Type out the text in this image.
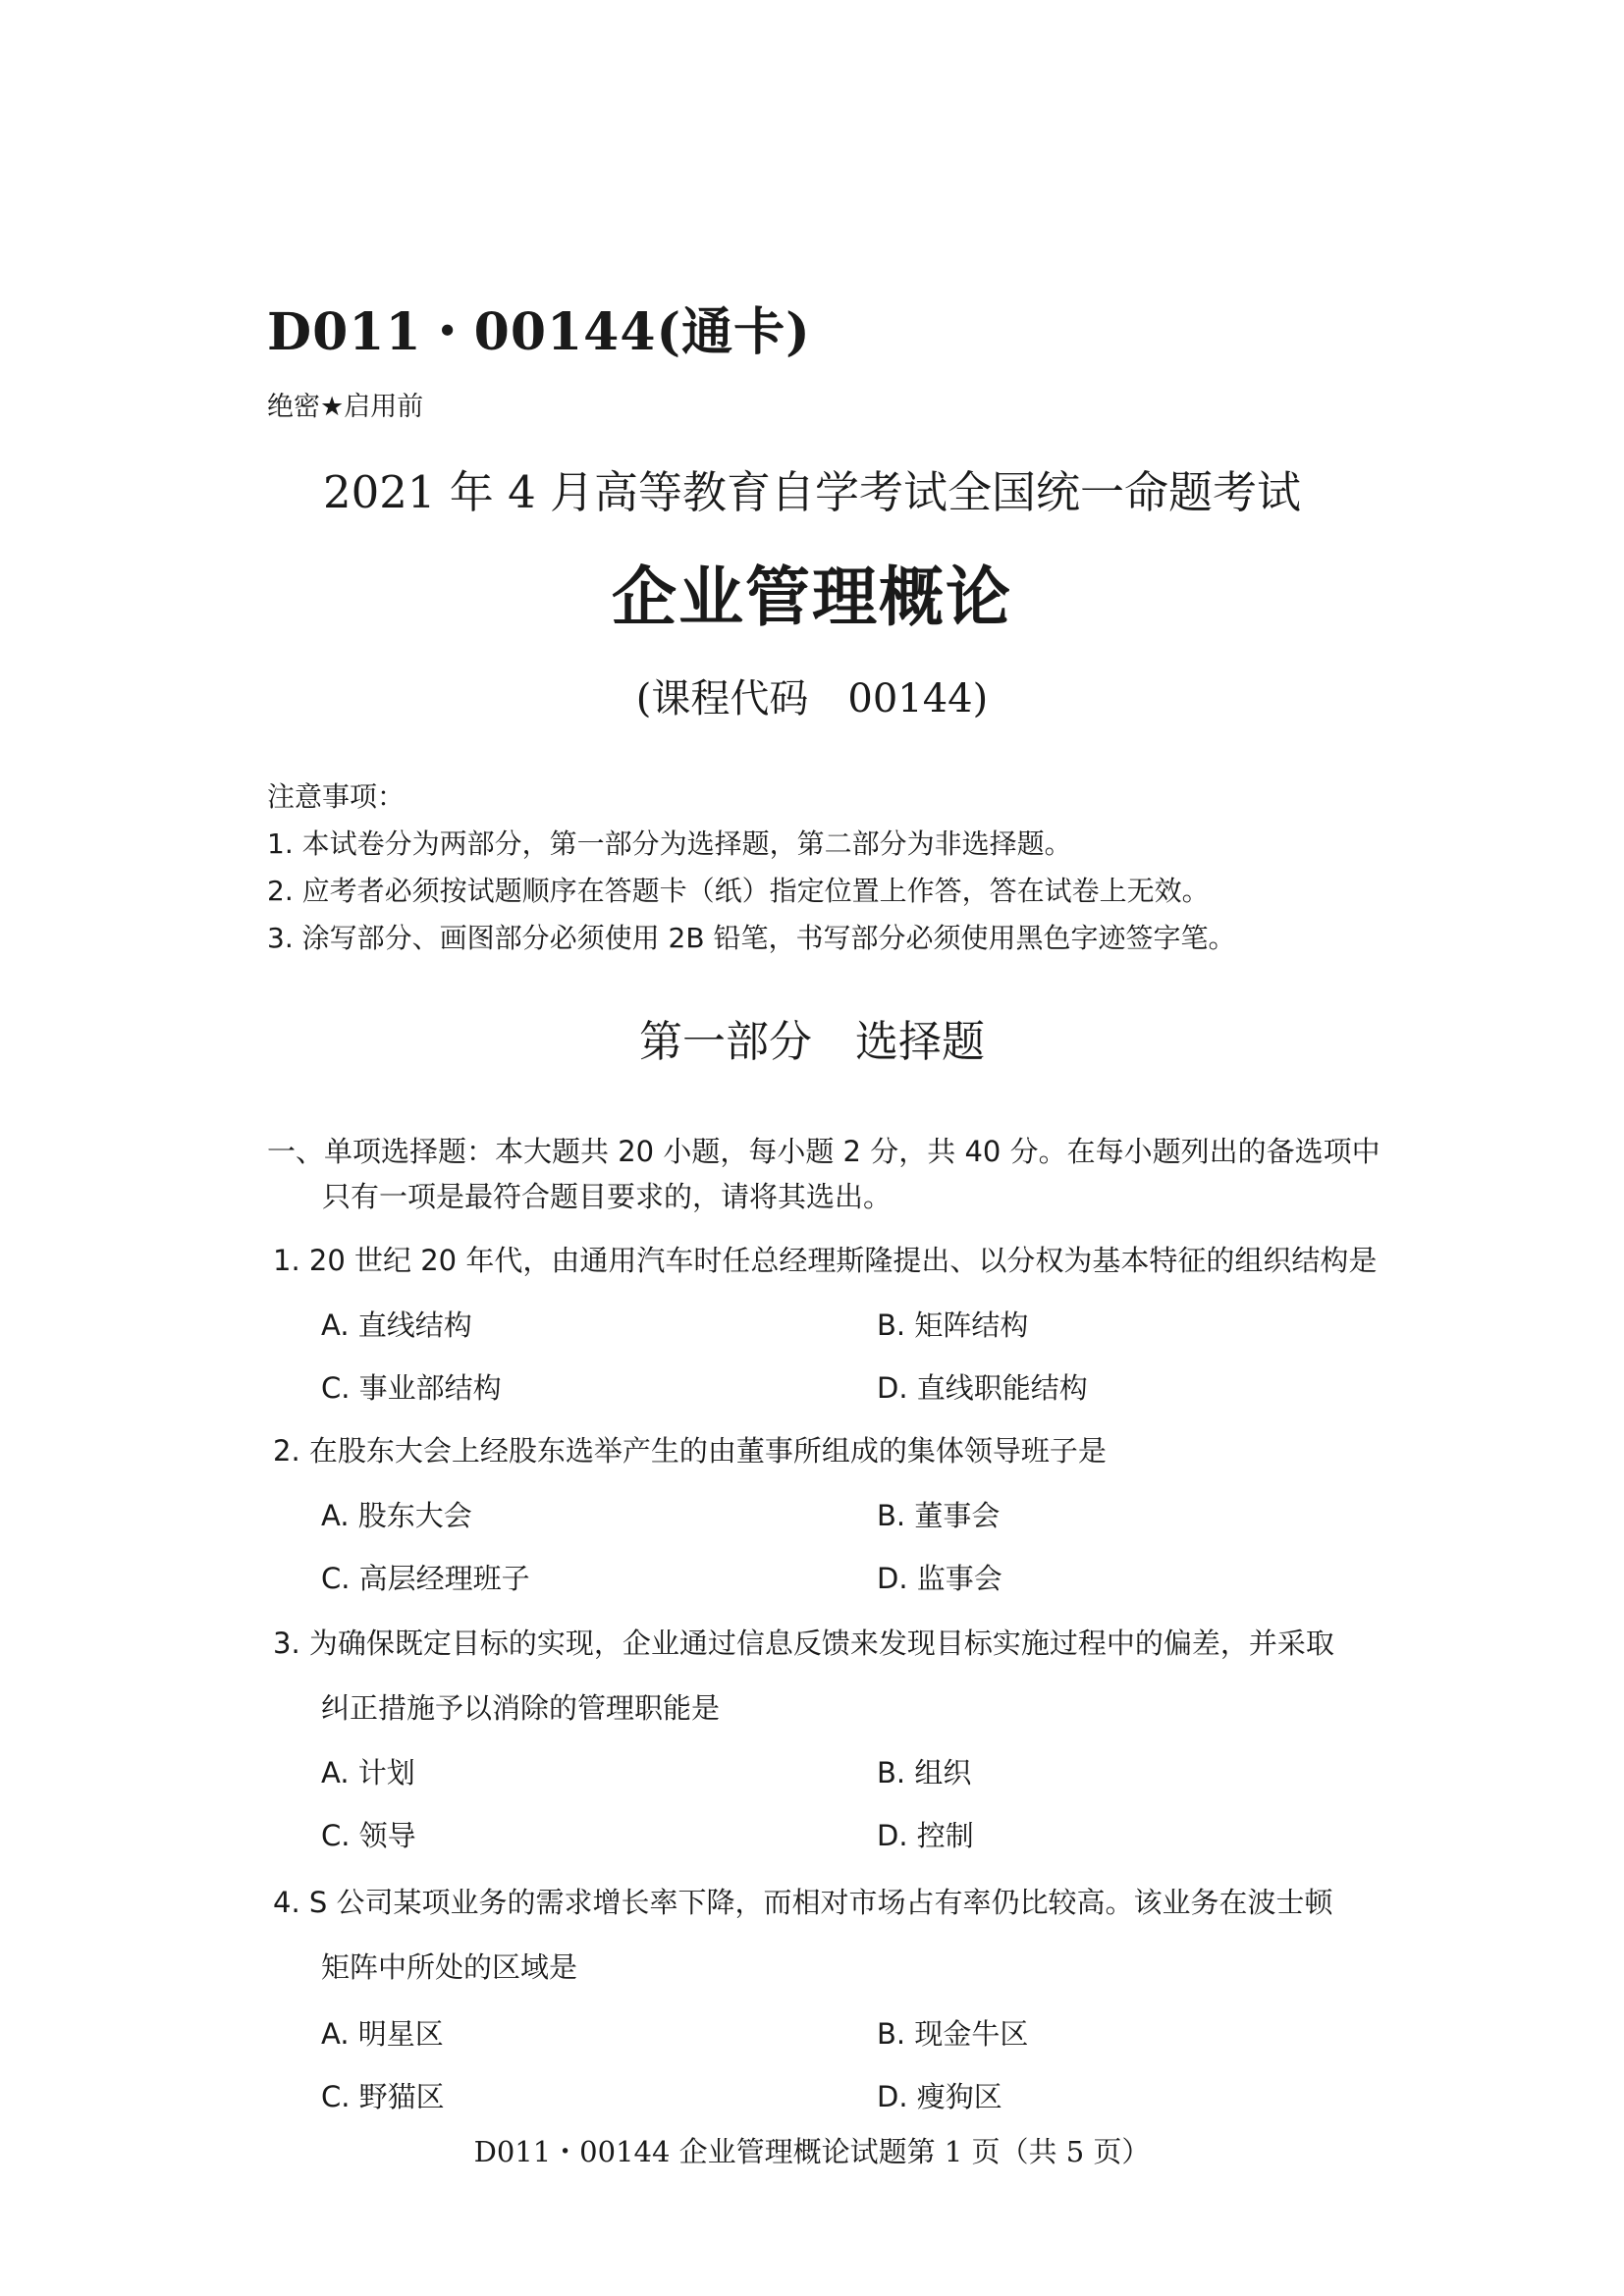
D011・00144(通卡)
绝密★启用前
2021 年 4 月高等教育自学考试全国统一命题考试
企业管理概论
(课程代码　00144)
注意事项：
1. 本试卷分为两部分，第一部分为选择题，第二部分为非选择题。
2. 应考者必须按试题顺序在答题卡（纸）指定位置上作答，答在试卷上无效。
3. 涂写部分、画图部分必须使用 2B 铅笔，书写部分必须使用黑色字迹签字笔。
第一部分　选择题
一、单项选择题：本大题共 20 小题，每小题 2 分，共 40 分。在每小题列出的备选项中
只有一项是最符合题目要求的，请将其选出。
1. 20 世纪 20 年代，由通用汽车时任总经理斯隆提出、以分权为基本特征的组织结构是
A. 直线结构	B. 矩阵结构
C. 事业部结构	D. 直线职能结构
2. 在股东大会上经股东选举产生的由董事所组成的集体领导班子是
A. 股东大会	B. 董事会
C. 高层经理班子	D. 监事会
3. 为确保既定目标的实现，企业通过信息反馈来发现目标实施过程中的偏差，并采取
纠正措施予以消除的管理职能是
A. 计划	B. 组织
C. 领导	D. 控制
4. S 公司某项业务的需求增长率下降，而相对市场占有率仍比较高。该业务在波士顿
矩阵中所处的区域是
A. 明星区	B. 现金牛区
C. 野猫区	D. 瘦狗区
D011・00144 企业管理概论试题第 1 页（共 5 页）
